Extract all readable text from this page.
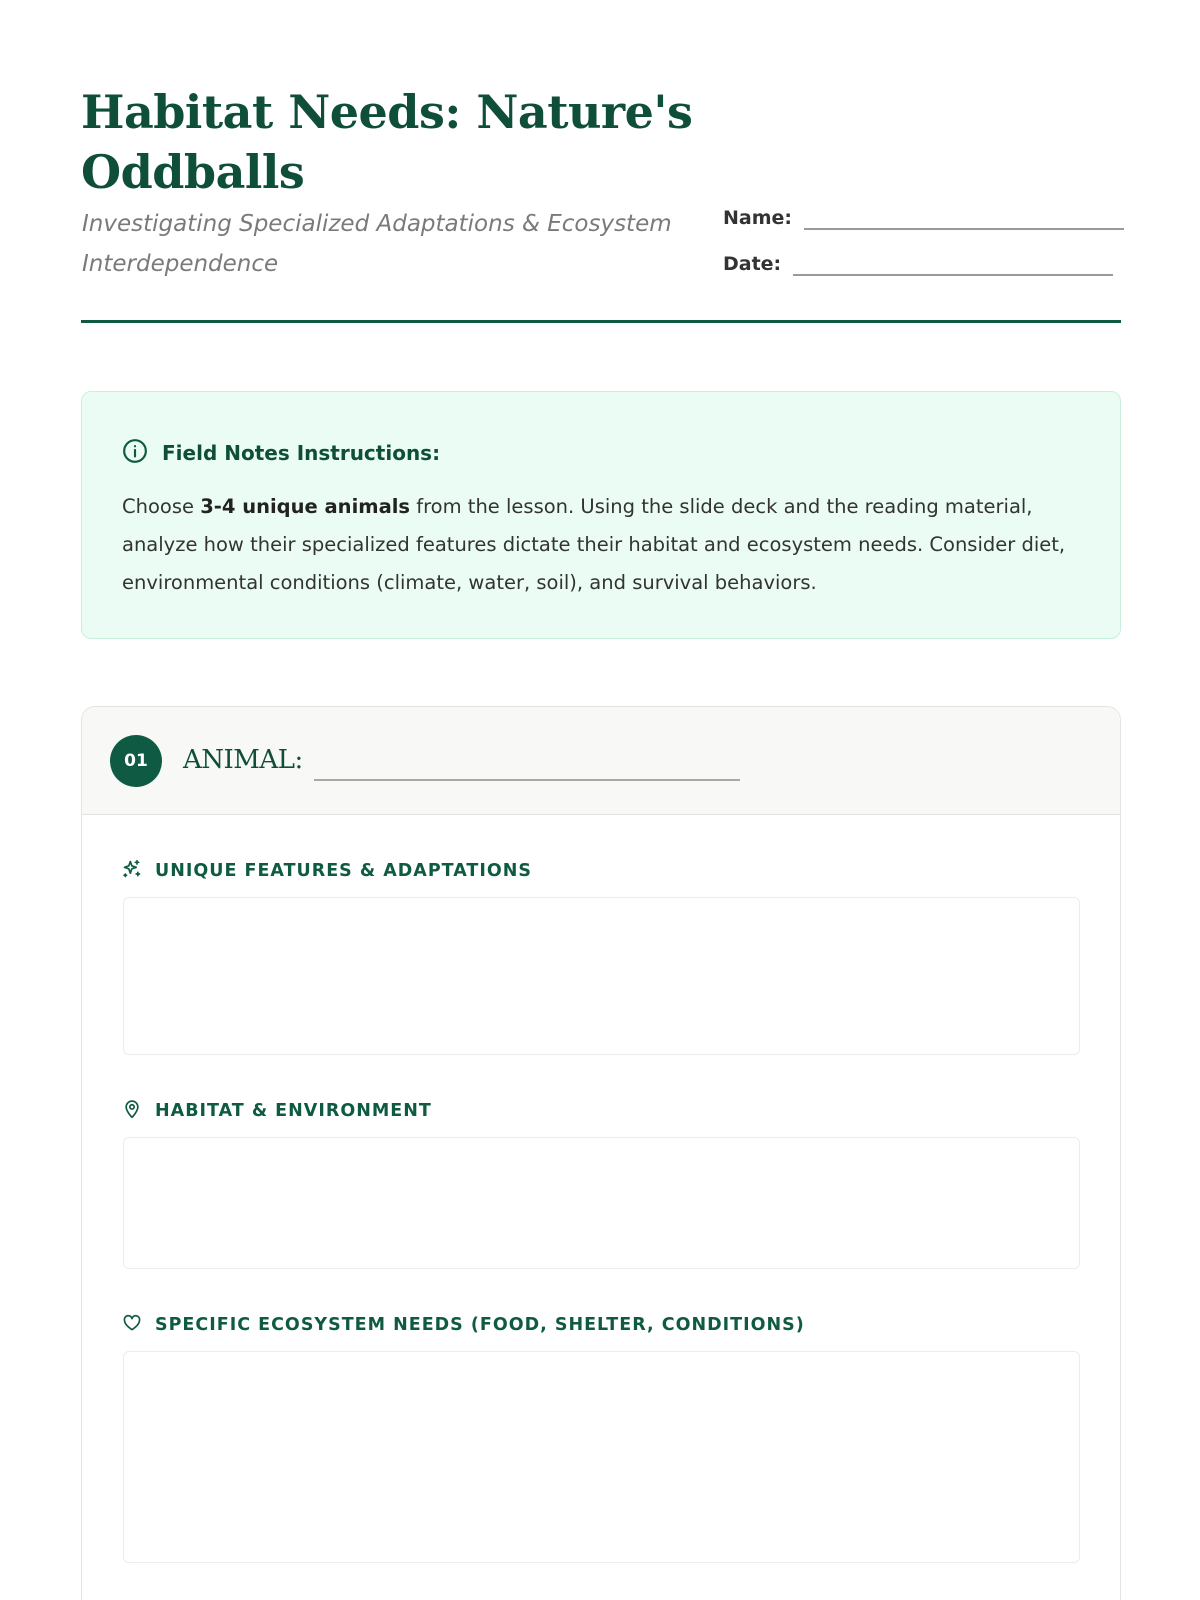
Habitat Needs: Nature's Oddballs
Investigating Specialized Adaptations & Ecosystem Interdependence
Name:
Date:
Field Notes Instructions:

Choose 3-4 unique animals from the lesson. Using the slide deck and the reading material, analyze how their specialized features dictate their habitat and ecosystem needs. Consider diet, environmental conditions (climate, water, soil), and survival behaviors.

01	ANIMAL:
UNIQUE FEATURES & ADAPTATIONS
HABITAT & ENVIRONMENT
SPECIFIC ECOSYSTEM NEEDS (FOOD, SHELTER, CONDITIONS)
